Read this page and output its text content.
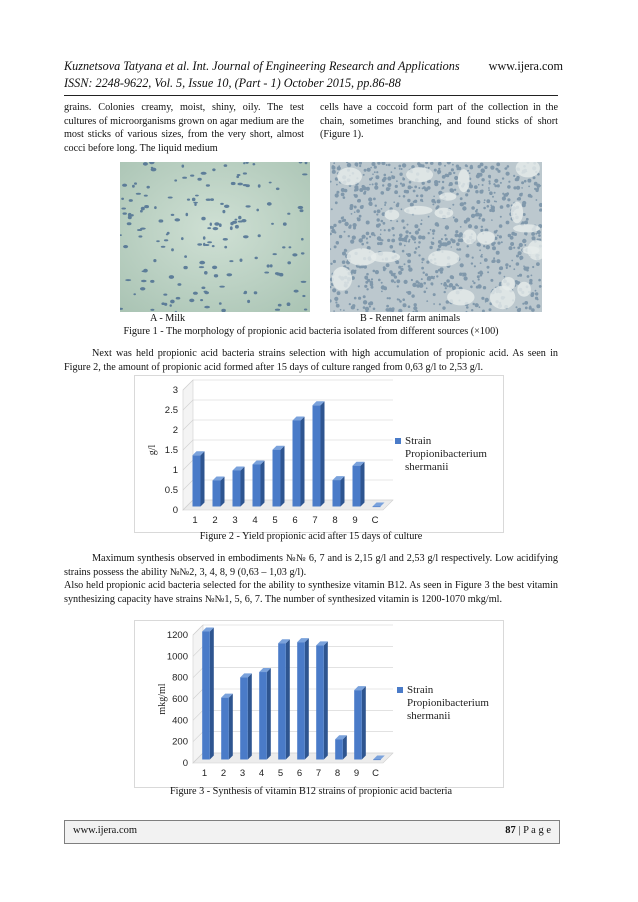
Kuznetsova Tatyana et al. Int. Journal of Engineering Research and Applications	www.ijera.com
ISSN: 2248-9622, Vol. 5, Issue 10, (Part - 1) October 2015, pp.86-88
grains. Colonies creamy, moist, shiny, oily. The test cultures of microorganisms grown on agar medium are the most sticks of various sizes, from the very short, almost cocci before long. The liquid medium
cells have a coccoid form part of the collection in the chain, sometimes branching, and found sticks of short (Figure 1).
A - Milk	B - Rennet farm animals
Figure 1 - The morphology of propionic acid bacteria isolated from different sources (×100)
Next was held propionic acid bacteria strains selection with high accumulation of propionic acid. As seen in Figure 2, the amount of propionic acid formed after 15 days of culture ranged from 0,63 g/l to 2,53 g/l.
0
0.5
1
1.5
2
2.5
3
g/l
1 2 3 4 5 6 7 8 9 C
Strain
Propionibacterium
shermanii
Figure 2 - Yield propionic acid after 15 days of culture
Maximum synthesis observed in embodiments №№ 6, 7 and is 2,15 g/l and 2,53 g/l respectively. Low acidifying strains possess the ability №№2, 3, 4, 8, 9 (0,63 – 1,03 g/l).
Also held propionic acid bacteria selected for the ability to synthesize vitamin B12. As seen in Figure 3 the best vitamin synthesizing capacity have strains №№1, 5, 6, 7. The number of synthesized vitamin is 1200-1070 mkg/ml.
0
200
400
600
800
1000
1200
mkg/ml
1 2 3 4 5 6 7 8 9 C
Strain
Propionibacterium
shermanii
Figure 3 - Synthesis of vitamin B12 strains of propionic acid bacteria
www.ijera.com	87 | P a g e
